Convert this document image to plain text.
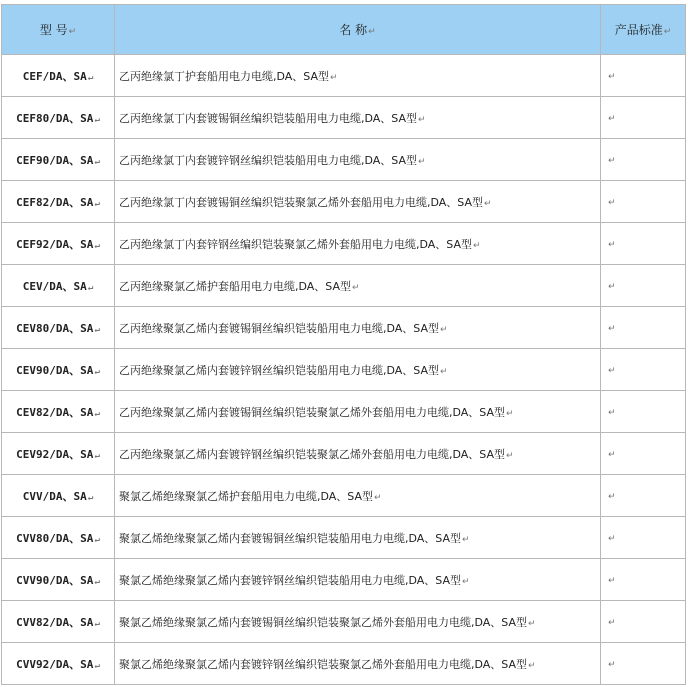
型 号↵	名 称↵	产品标准↵
CEF/DA、SA↵	乙丙绝缘氯丁护套船用电力电缆,DA、SA型↵	↵
CEF80/DA、SA↵	乙丙绝缘氯丁内套镀锡铜丝编织铠装船用电力电缆,DA、SA型↵	↵
CEF90/DA、SA↵	乙丙绝缘氯丁内套镀锌钢丝编织铠装船用电力电缆,DA、SA型↵	↵
CEF82/DA、SA↵	乙丙绝缘氯丁内套镀锡铜丝编织铠装聚氯乙烯外套船用电力电缆,DA、SA型↵	↵
CEF92/DA、SA↵	乙丙绝缘氯丁内套锌钢丝编织铠装聚氯乙烯外套船用电力电缆,DA、SA型↵	↵
CEV/DA、SA↵	乙丙绝缘聚氯乙烯护套船用电力电缆,DA、SA型↵	↵
CEV80/DA、SA↵	乙丙绝缘聚氯乙烯内套镀锡铜丝编织铠装船用电力电缆,DA、SA型↵	↵
CEV90/DA、SA↵	乙丙绝缘聚氯乙烯内套镀锌钢丝编织铠装船用电力电缆,DA、SA型↵	↵
CEV82/DA、SA↵	乙丙绝缘聚氯乙烯内套镀锡铜丝编织铠装聚氯乙烯外套船用电力电缆,DA、SA型↵	↵
CEV92/DA、SA↵	乙丙绝缘聚氯乙烯内套镀锌钢丝编织铠装聚氯乙烯外套船用电力电缆,DA、SA型↵	↵
CVV/DA、SA↵	聚氯乙烯绝缘聚氯乙烯护套船用电力电缆,DA、SA型↵	↵
CVV80/DA、SA↵	聚氯乙烯绝缘聚氯乙烯内套镀锡铜丝编织铠装船用电力电缆,DA、SA型↵	↵
CVV90/DA、SA↵	聚氯乙烯绝缘聚氯乙烯内套镀锌钢丝编织铠装船用电力电缆,DA、SA型↵	↵
CVV82/DA、SA↵	聚氯乙烯绝缘聚氯乙烯内套镀锡铜丝编织铠装聚氯乙烯外套船用电力电缆,DA、SA型↵	↵
CVV92/DA、SA↵	聚氯乙烯绝缘聚氯乙烯内套镀锌钢丝编织铠装聚氯乙烯外套船用电力电缆,DA、SA型↵	↵
